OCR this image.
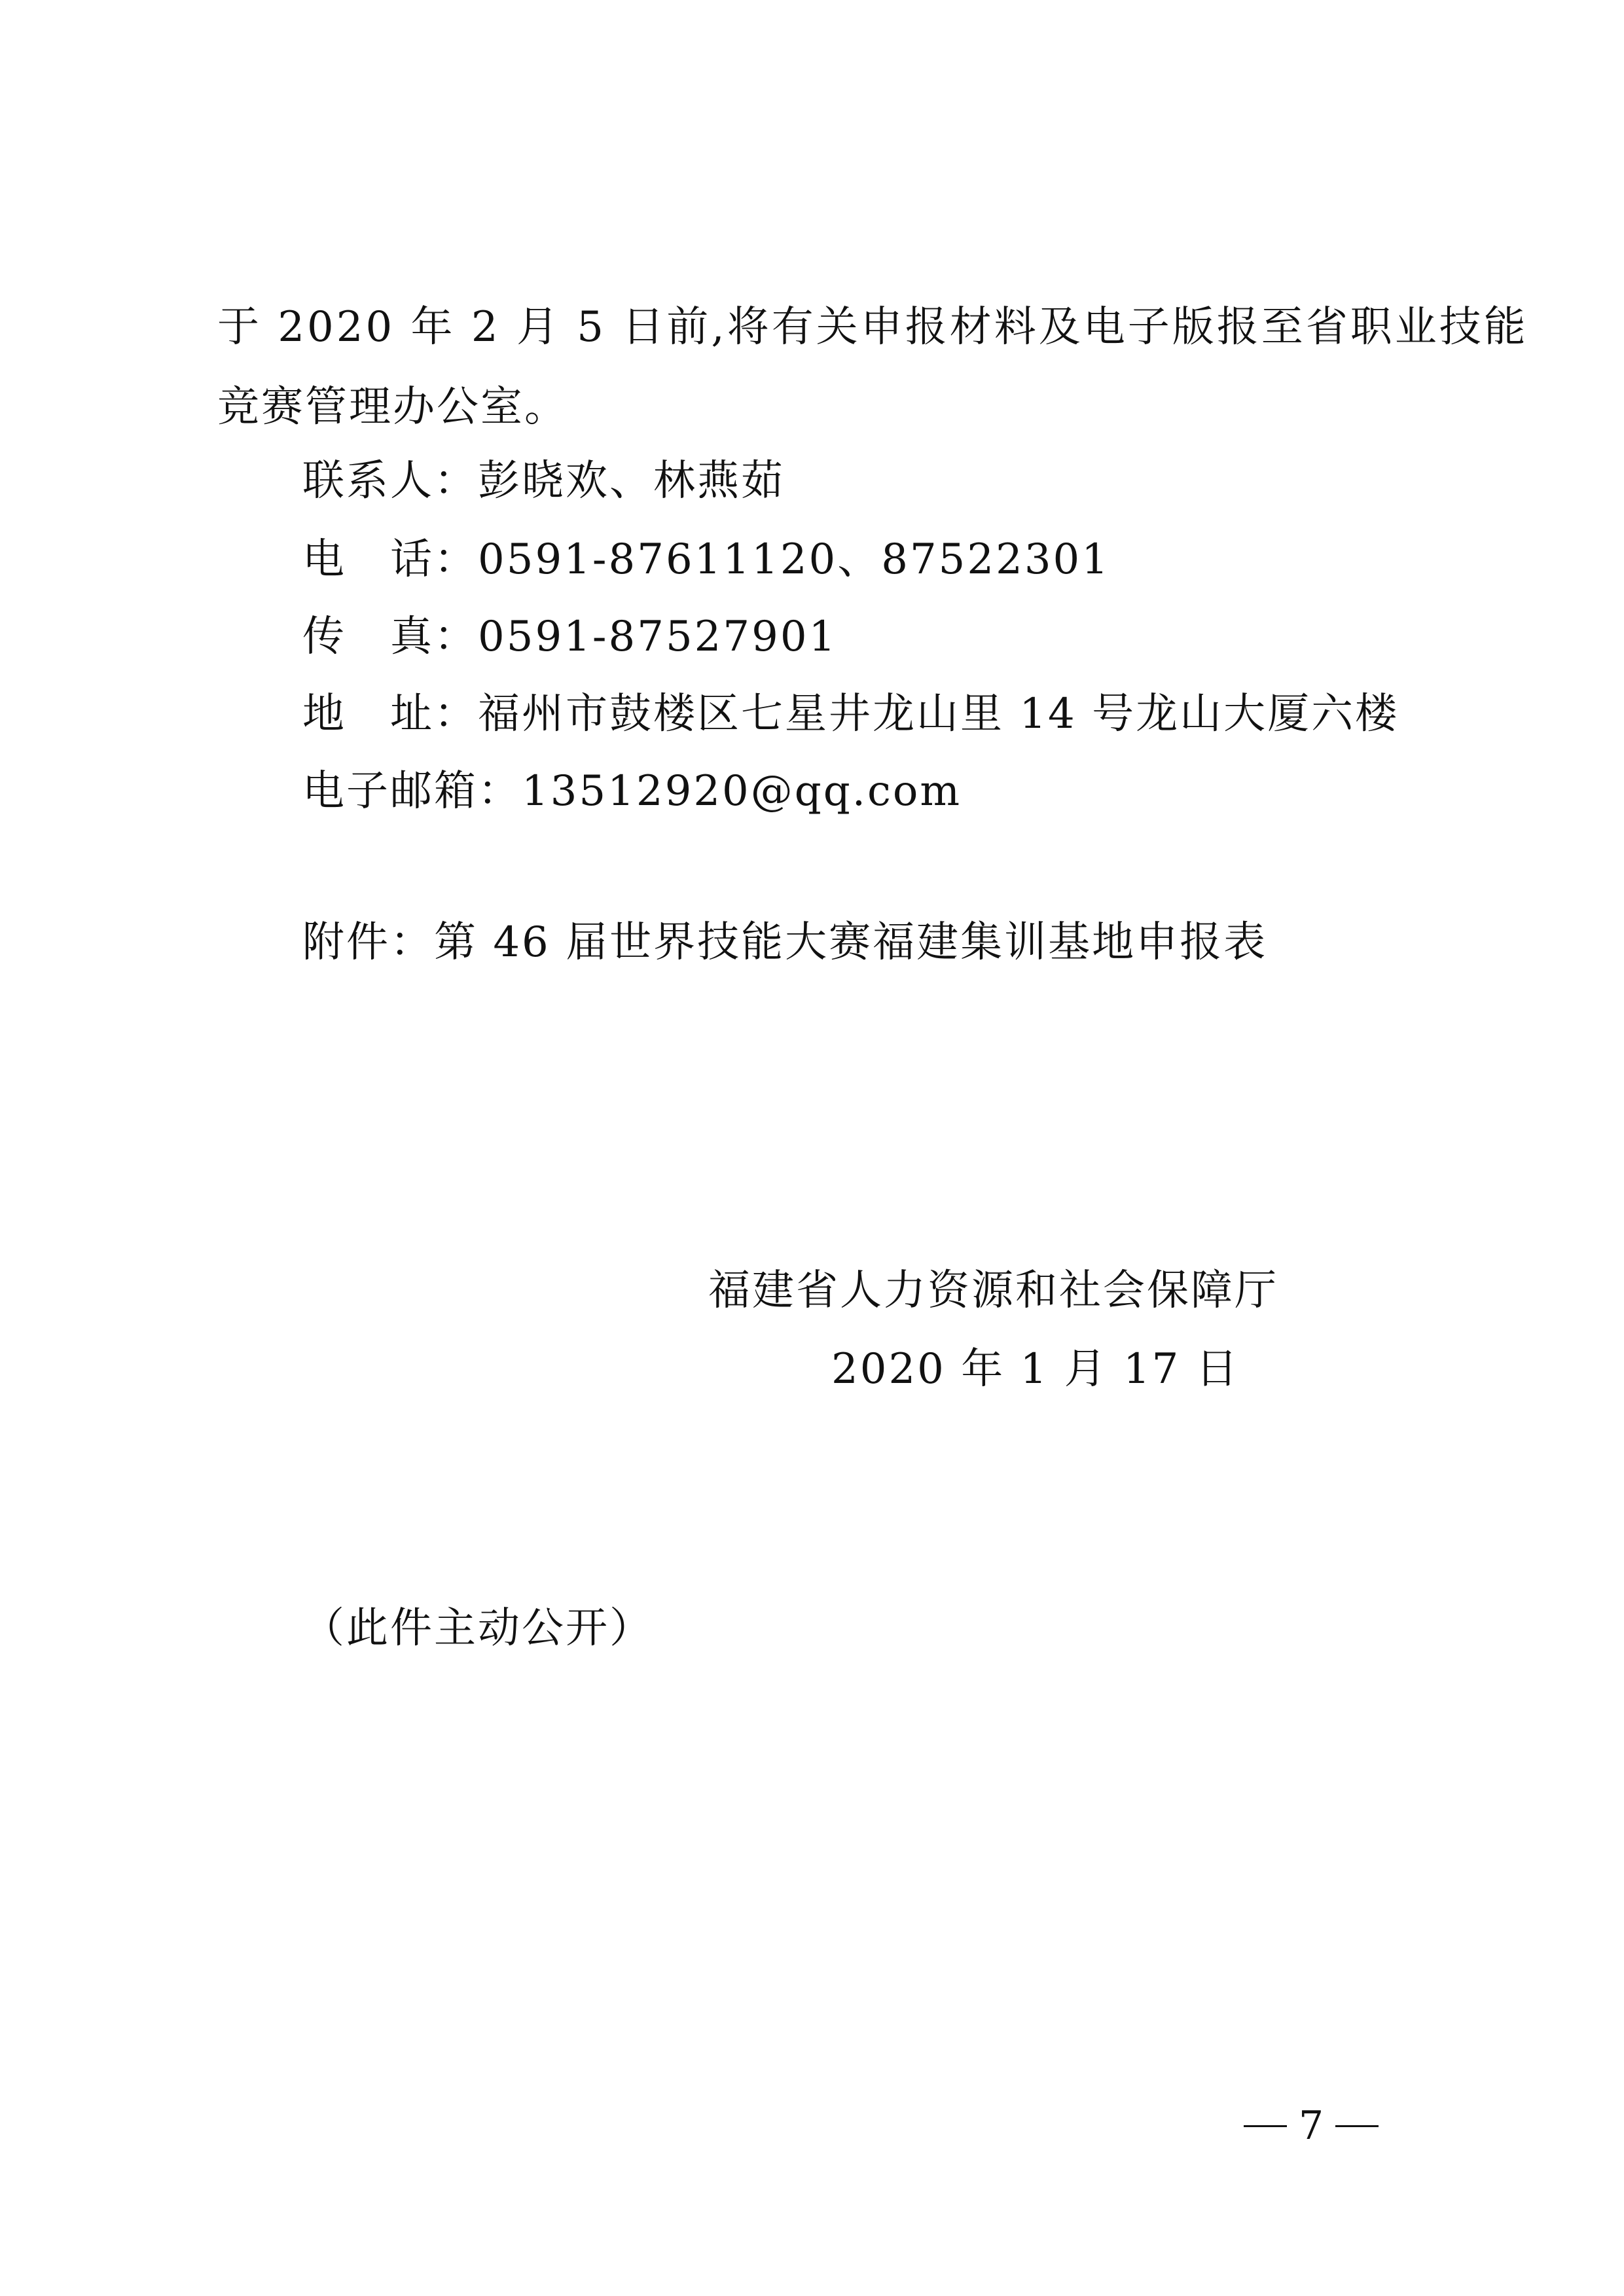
于 2020 年 2 月 5 日前,将有关申报材料及电子版报至省职业技能
竞赛管理办公室。
联系人：彭晓欢、林燕茹
电　话：0591-87611120、87522301
传　真：0591-87527901
地　址：福州市鼓楼区七星井龙山里 14 号龙山大厦六楼
电子邮箱：13512920@qq.com
附件：第 46 届世界技能大赛福建集训基地申报表
福建省人力资源和社会保障厅
2020 年 1 月 17 日
（此件主动公开）
7
